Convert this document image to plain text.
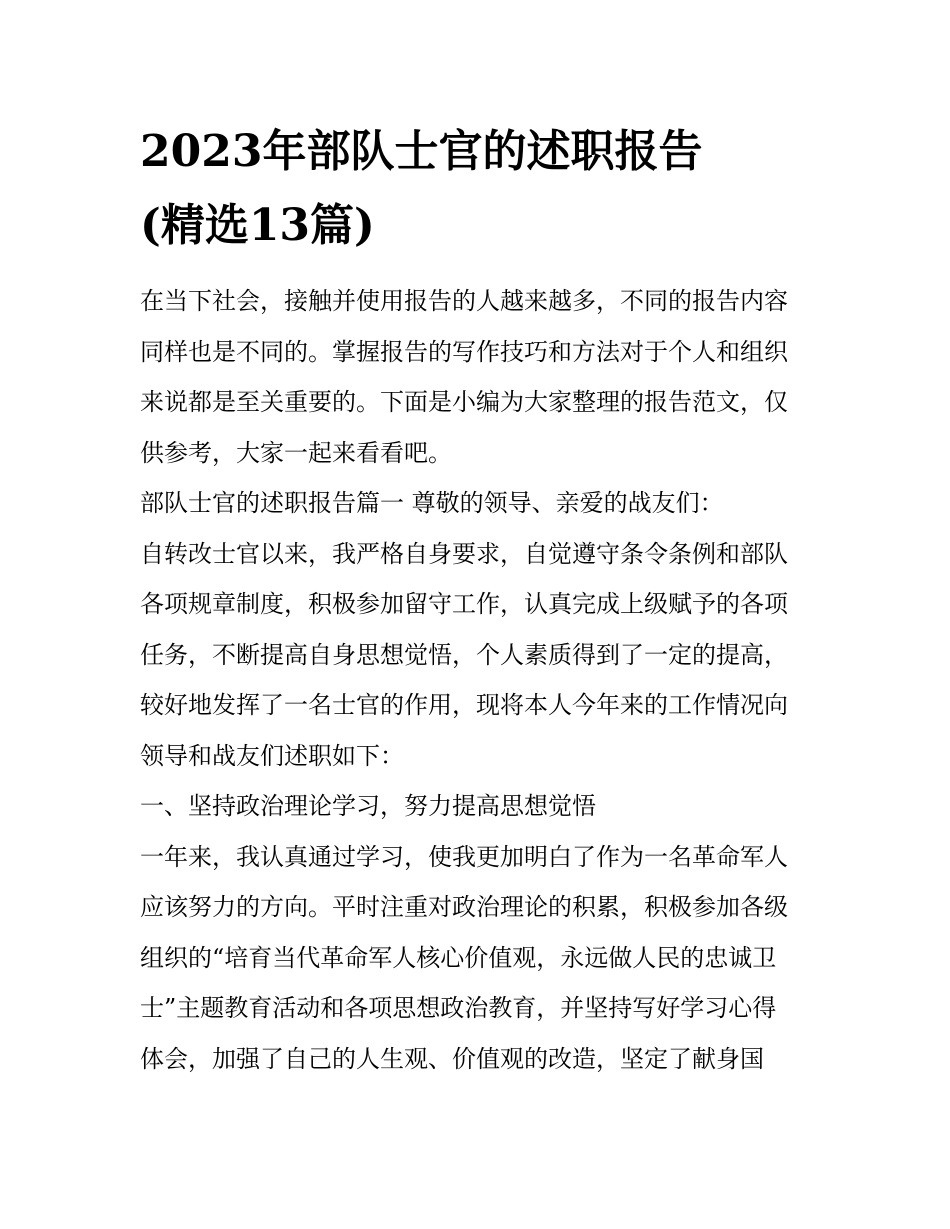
2023年部队士官的述职报告
(精选13篇)
在当下社会，接触并使用报告的人越来越多，不同的报告内容
同样也是不同的。掌握报告的写作技巧和方法对于个人和组织
来说都是至关重要的。下面是小编为大家整理的报告范文，仅
供参考，大家一起来看看吧。
部队士官的述职报告篇一 尊敬的领导、亲爱的战友们：
自转改士官以来，我严格自身要求，自觉遵守条令条例和部队
各项规章制度，积极参加留守工作，认真完成上级赋予的各项
任务，不断提高自身思想觉悟，个人素质得到了一定的提高，
较好地发挥了一名士官的作用，现将本人今年来的工作情况向
领导和战友们述职如下：
一、坚持政治理论学习，努力提高思想觉悟
一年来，我认真通过学习，使我更加明白了作为一名革命军人
应该努力的方向。平时注重对政治理论的积累，积极参加各级
组织的“培育当代革命军人核心价值观，永远做人民的忠诚卫
士”主题教育活动和各项思想政治教育，并坚持写好学习心得
体会，加强了自己的人生观、价值观的改造，坚定了献身国
